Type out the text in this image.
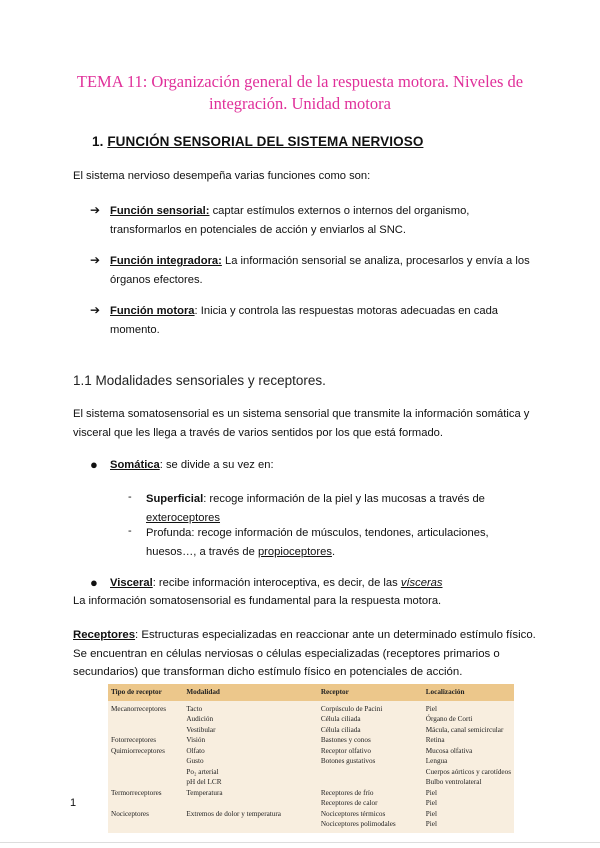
TEMA 11: Organización general de la respuesta motora. Niveles de
integración. Unidad motora
1. FUNCIÓN SENSORIAL DEL SISTEMA NERVIOSO
El sistema nervioso desempeña varias funciones como son:
➔ Función sensorial: captar estímulos externos o internos del organismo,
transformarlos en potenciales de acción y enviarlos al SNC.
➔ Función integradora: La información sensorial se analiza, procesarlos y envía a los
órganos efectores.
➔ Función motora: Inicia y controla las respuestas motoras adecuadas en cada
momento.
1.1 Modalidades sensoriales y receptores.
El sistema somatosensorial es un sistema sensorial que transmite la información somática y
visceral que les llega a través de varios sentidos por los que está formado.
● Somática: se divide a su vez en:
- Superficial: recoge información de la piel y las mucosas a través de
exteroceptores
- Profunda: recoge información de músculos, tendones, articulaciones,
huesos…, a través de propioceptores.
● Visceral: recibe información interoceptiva, es decir, de las vísceras
La información somatosensorial es fundamental para la respuesta motora.
Receptores: Estructuras especializadas en reaccionar ante un determinado estímulo físico.
Se encuentran en células nerviosas o células especializadas (receptores primarios o
secundarios) que transforman dicho estímulo físico en potenciales de acción.
Tipo de receptor	Modalidad	Receptor	Localización
Mecanorreceptores	Tacto	Corpúsculo de Pacini	Piel
	Audición	Célula ciliada	Órgano de Corti
	Vestibular	Célula ciliada	Mácula, canal semicircular
Fotorreceptores	Visión	Bastones y conos	Retina
Quimiorreceptores	Olfato	Receptor olfativo	Mucosa olfativa
	Gusto	Botones gustativos	Lengua
	Po₂ arterial		Cuerpos aórticos y carotídeos
	pH del LCR		Bulbo ventrolateral
Termorreceptores	Temperatura	Receptores de frío	Piel
		Receptores de calor	Piel
Nociceptores	Extremos de dolor y temperatura	Nociceptores térmicos	Piel
		Nociceptores polimodales	Piel
1
